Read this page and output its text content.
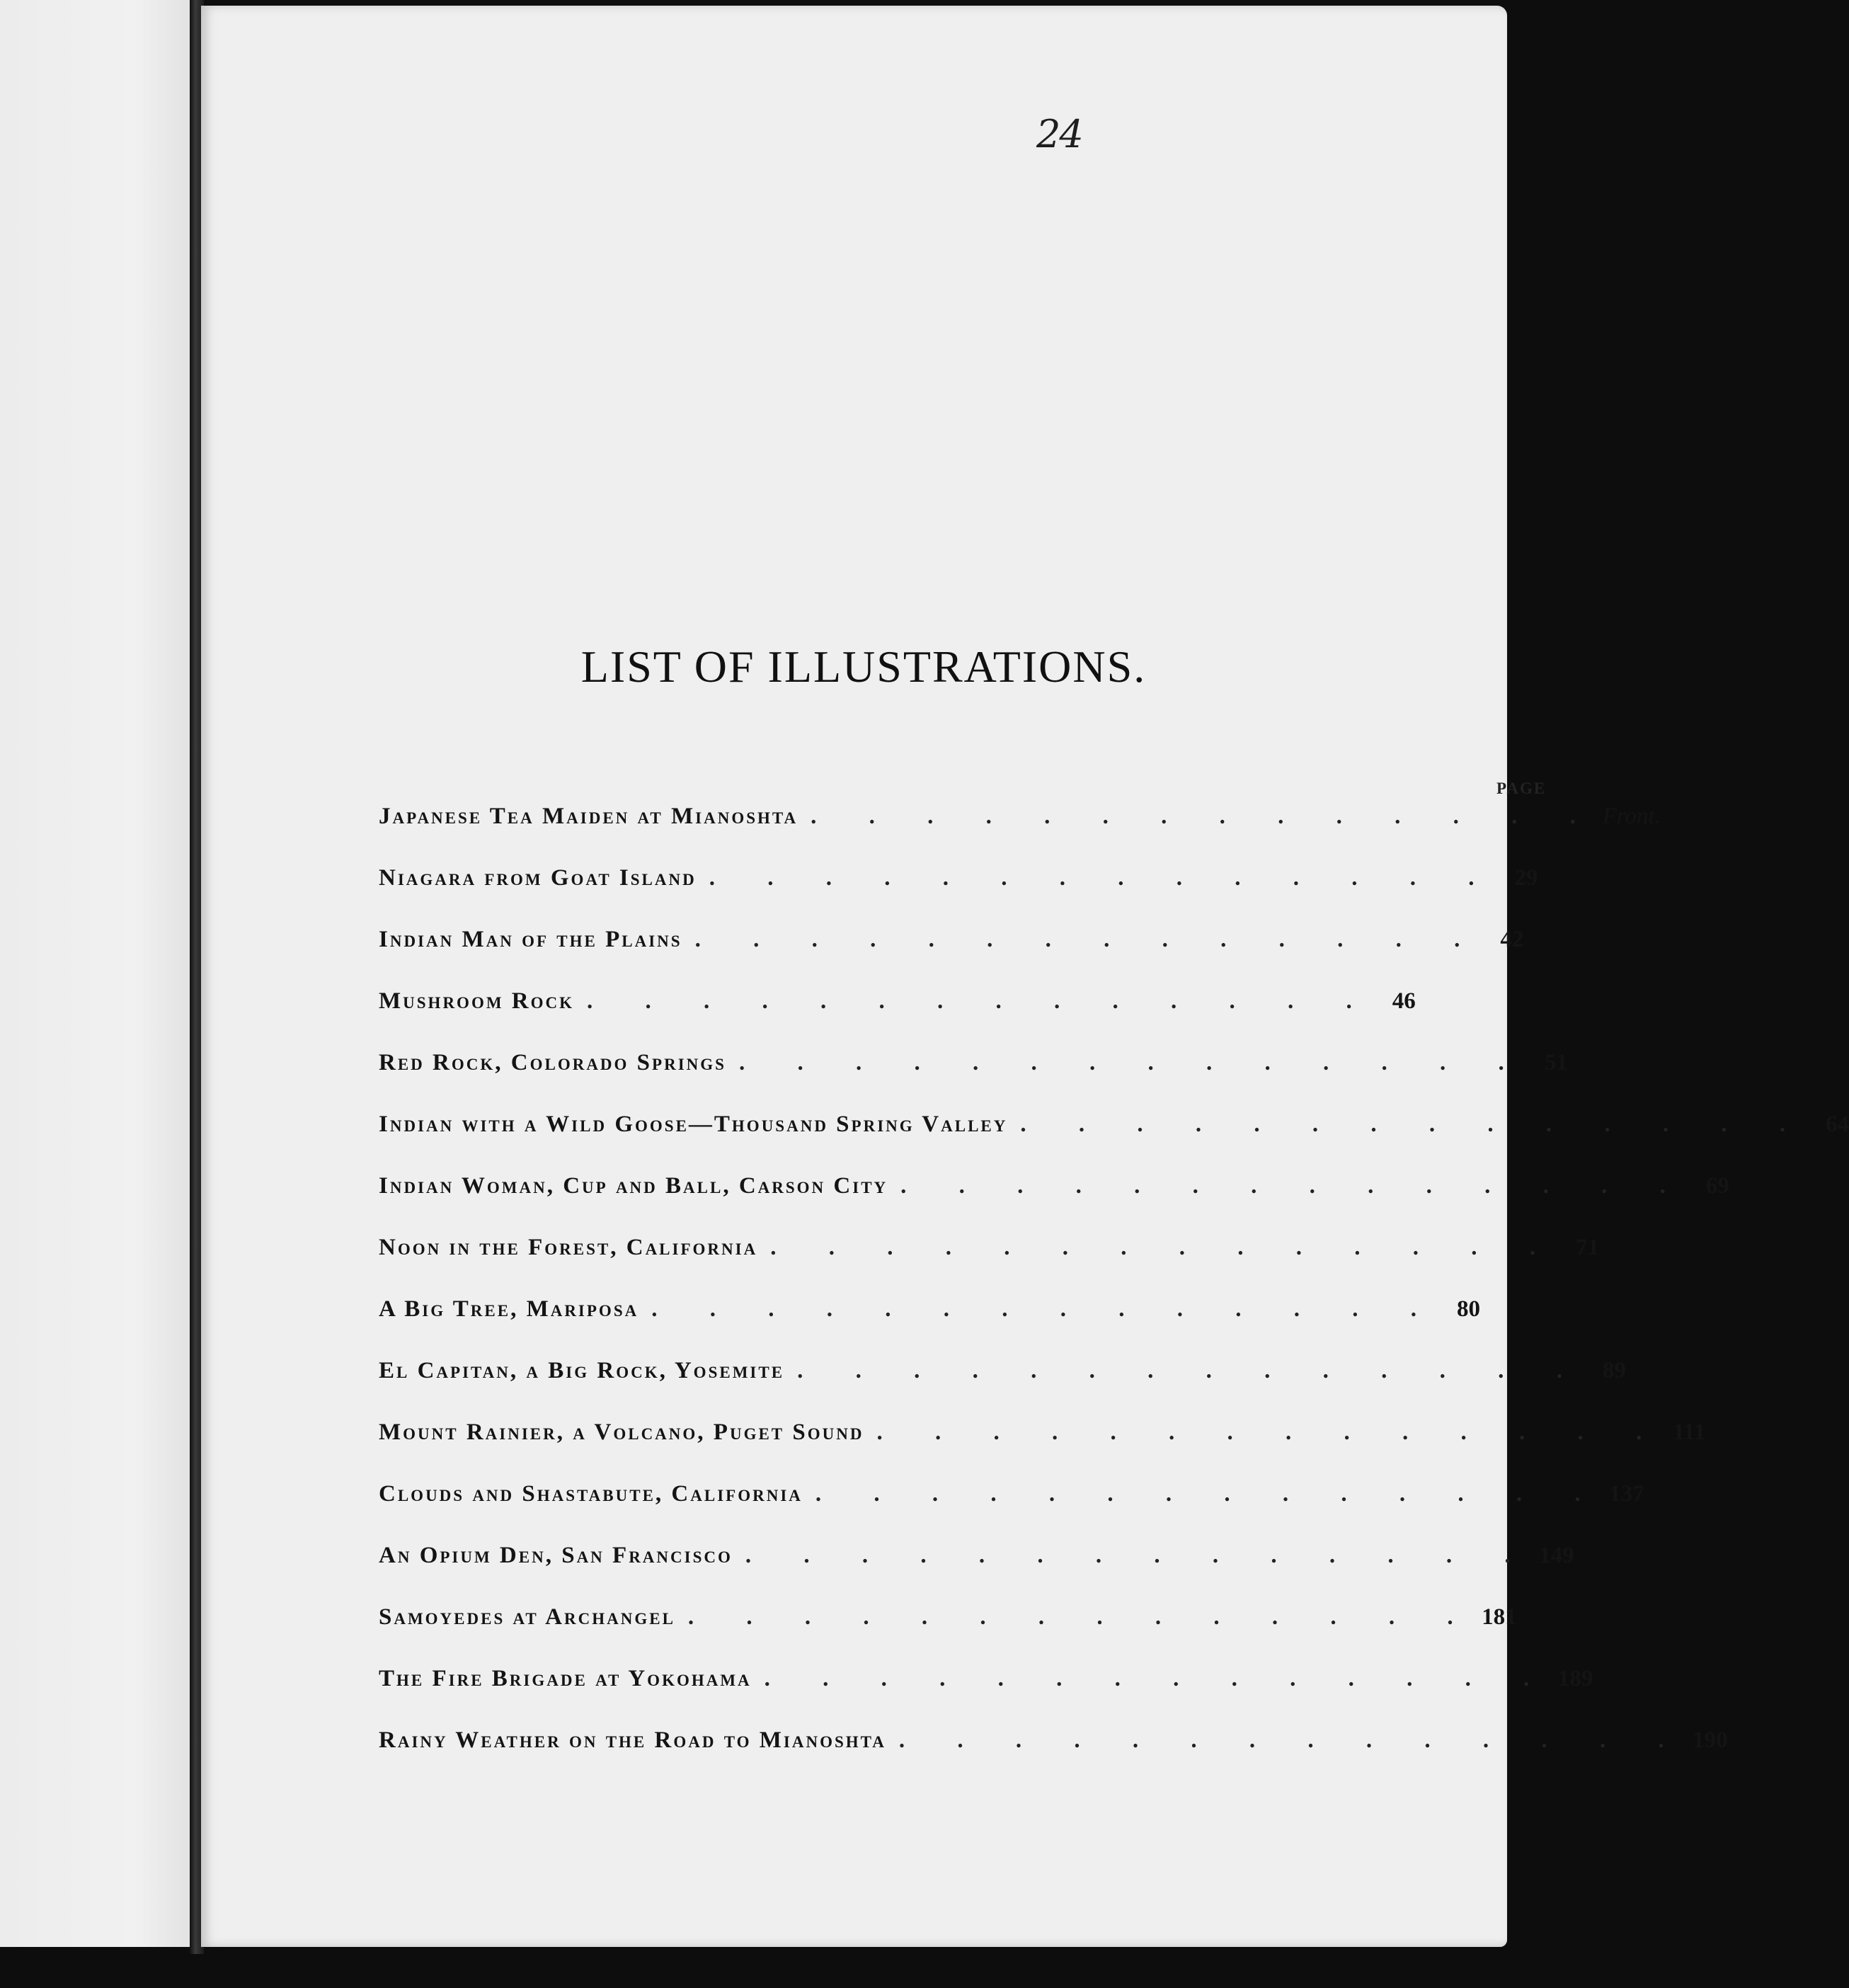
24
PAGE
LIST OF ILLUSTRATIONS.
Japanese Tea Maiden at Mianoshta .	Front.
Niagara from Goat Island .	29
Indian Man of the Plains .	42
Mushroom Rock .	46
Red Rock, Colorado Springs .	51
Indian with a Wild Goose—Thousand Spring Valley .	64
Indian Woman, Cup and Ball, Carson City .	69
Noon in the Forest, California .	71
A Big Tree, Mariposa .	80
El Capitan, a Big Rock, Yosemite .	89
Mount Rainier, a Volcano, Puget Sound .	111
Clouds and Shastabute, California .	137
An Opium Den, San Francisco .	149
Samoyedes at Archangel .	181
The Fire Brigade at Yokohama .	189
Rainy Weather on the Road to Mianoshta .	190
